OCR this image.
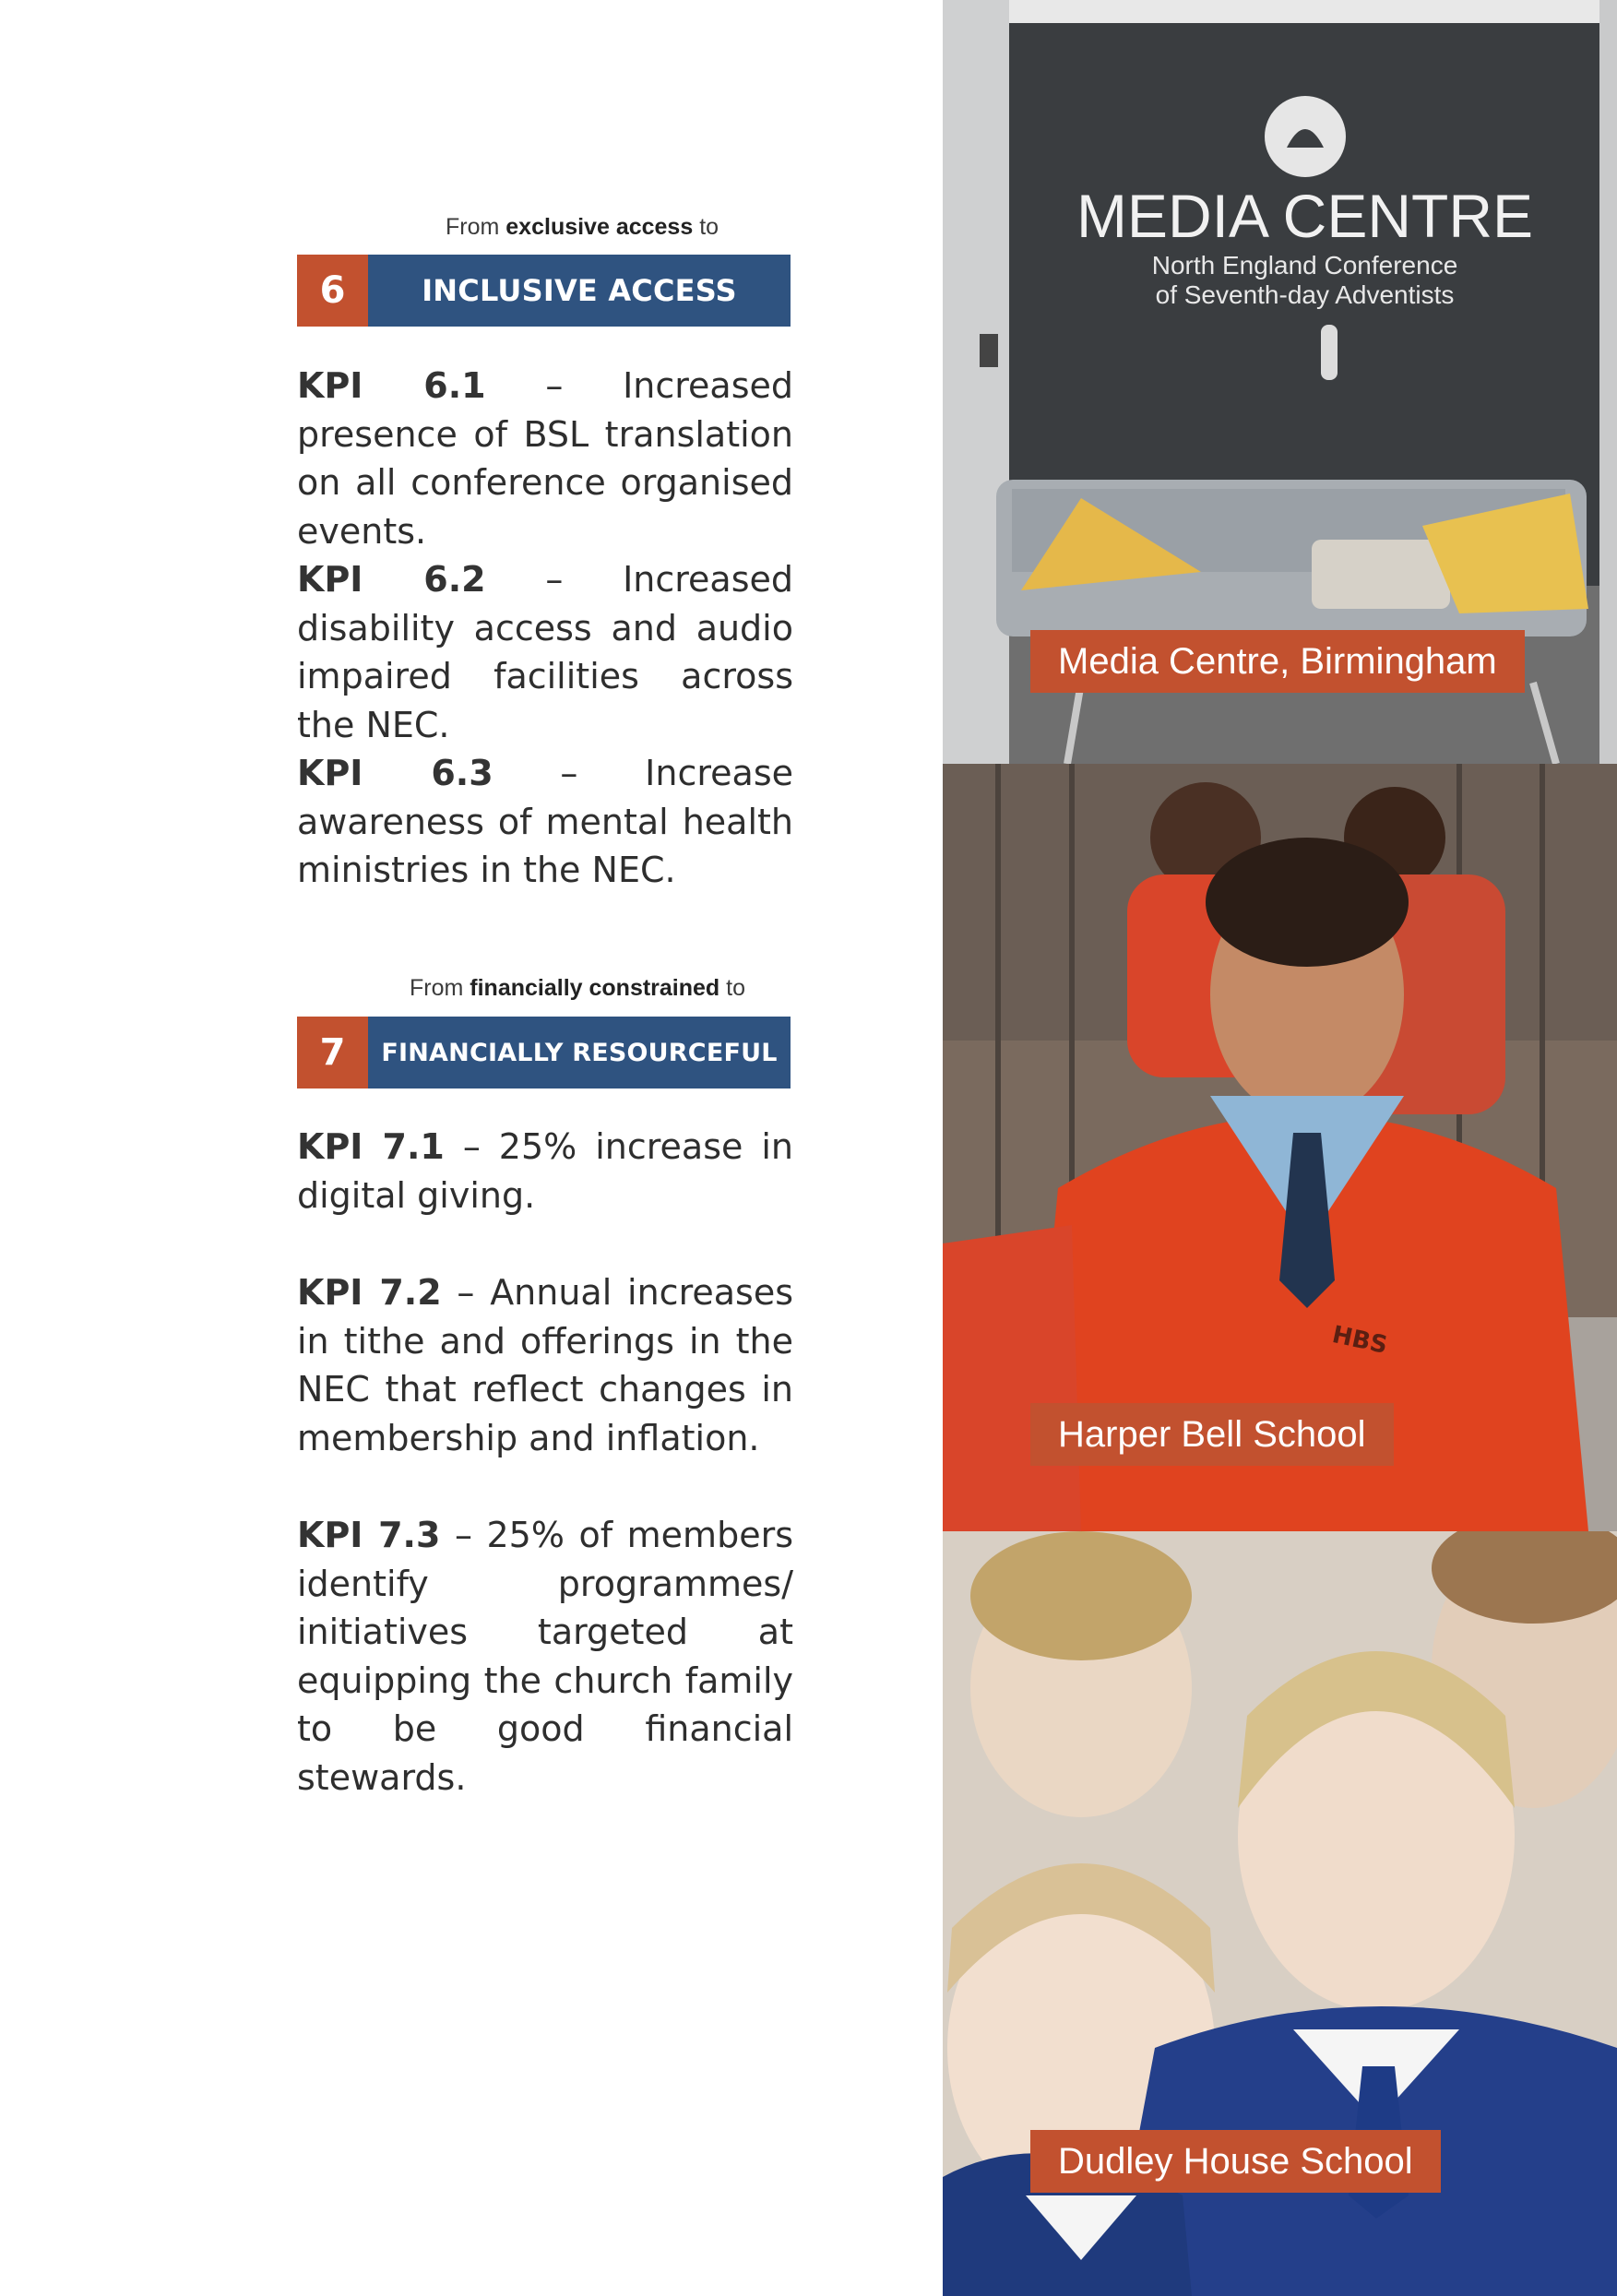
From exclusive access to
6	INCLUSIVE ACCESS

KPI 6.1 – Increased presence of BSL translation on all conference organised events.

KPI 6.2 – Increased disability access and audio impaired facilities across the NEC.

KPI 6.3 – Increase awareness of mental health ministries in the NEC.

From financially constrained to
7	FINANCIALLY RESOURCEFUL

KPI 7.1 – 25% increase in digital giving.

KPI 7.2 – Annual increases in tithe and offerings in the NEC that reflect changes in membership and inflation.

KPI 7.3 – 25% of members identify programmes/ initiatives targeted at equipping the church family to be good financial stewards.

MEDIA CENTRE
North England Conference
of Seventh-day Adventists
Media Centre, Birmingham
HBS
Harper Bell School
Dudley House School
